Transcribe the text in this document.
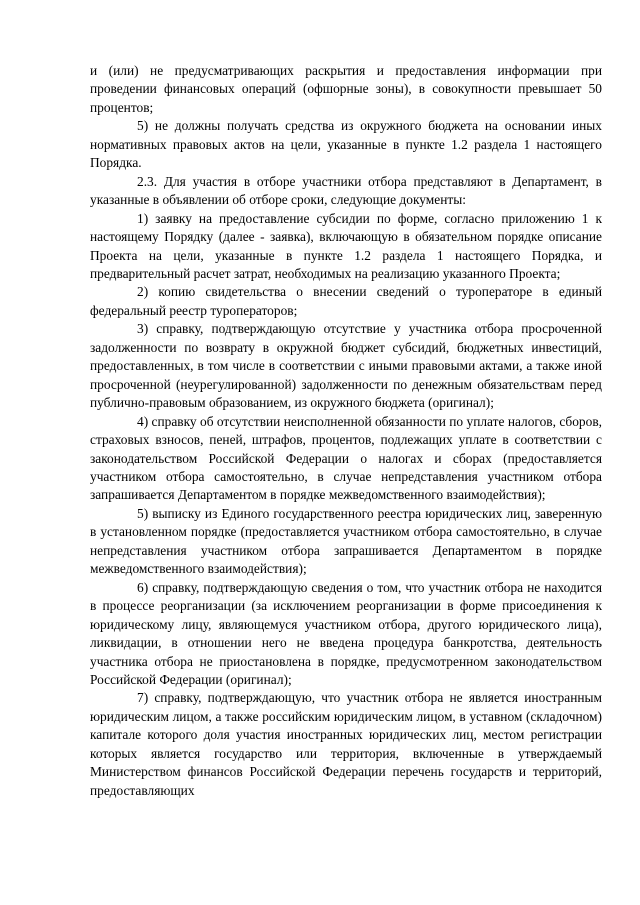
и (или) не предусматривающих раскрытия и предоставления информации при проведении финансовых операций (офшорные зоны), в совокупности превышает 50 процентов;

5) не должны получать средства из окружного бюджета на основании иных нормативных правовых актов на цели, указанные в пункте 1.2 раздела 1 настоящего Порядка.

2.3. Для участия в отборе участники отбора представляют в Департамент, в указанные в объявлении об отборе сроки, следующие документы:

1) заявку на предоставление субсидии по форме, согласно приложению 1 к настоящему Порядку (далее - заявка), включающую в обязательном порядке описание Проекта на цели, указанные в пункте 1.2 раздела 1 настоящего Порядка, и предварительный расчет затрат, необходимых на реализацию указанного Проекта;

2) копию свидетельства о внесении сведений о туроператоре в единый федеральный реестр туроператоров;

3) справку, подтверждающую отсутствие у участника отбора просроченной задолженности по возврату в окружной бюджет субсидий, бюджетных инвестиций, предоставленных, в том числе в соответствии с иными правовыми актами, а также иной просроченной (неурегулированной) задолженности по денежным обязательствам перед публично-правовым образованием, из окружного бюджета (оригинал);

4) справку об отсутствии неисполненной обязанности по уплате налогов, сборов, страховых взносов, пеней, штрафов, процентов, подлежащих уплате в соответствии с законодательством Российской Федерации о налогах и сборах (предоставляется участником отбора самостоятельно, в случае непредставления участником отбора запрашивается Департаментом в порядке межведомственного взаимодействия);

5) выписку из Единого государственного реестра юридических лиц, заверенную в установленном порядке (предоставляется участником отбора самостоятельно, в случае непредставления участником отбора запрашивается Департаментом в порядке межведомственного взаимодействия);

6) справку, подтверждающую сведения о том, что участник отбора не находится в процессе реорганизации (за исключением реорганизации в форме присоединения к юридическому лицу, являющемуся участником отбора, другого юридического лица), ликвидации, в отношении него не введена процедура банкротства, деятельность участника отбора не приостановлена в порядке, предусмотренном законодательством Российской Федерации (оригинал);

7) справку, подтверждающую, что участник отбора не является иностранным юридическим лицом, а также российским юридическим лицом, в уставном (складочном) капитале которого доля участия иностранных юридических лиц, местом регистрации которых является государство или территория, включенные в утверждаемый Министерством финансов Российской Федерации перечень государств и территорий, предоставляющих
